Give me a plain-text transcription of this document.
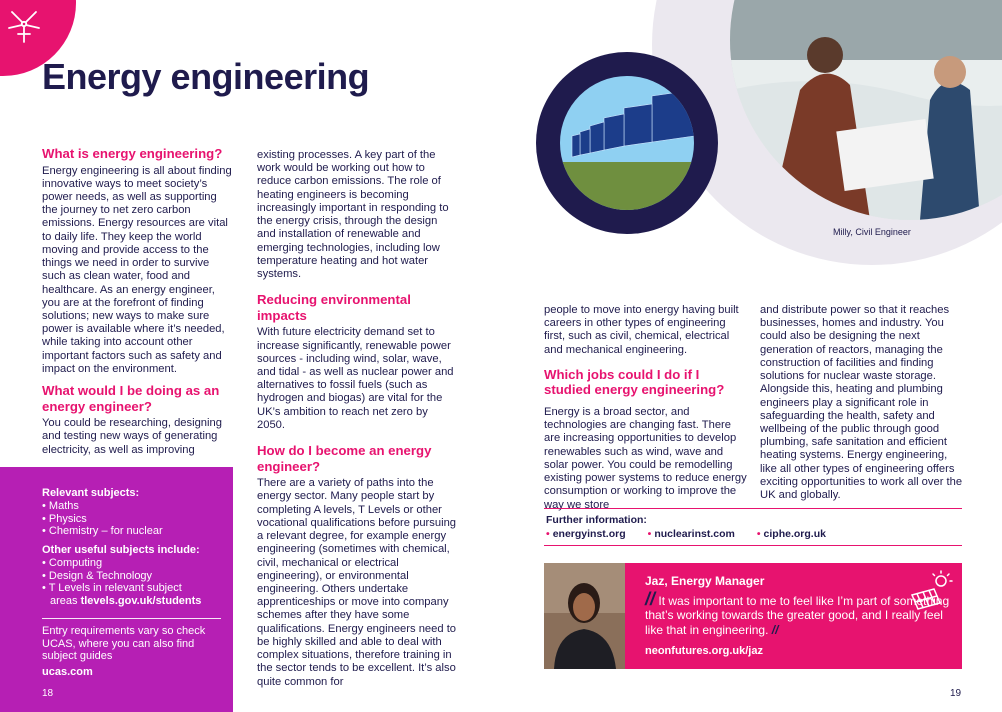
Energy engineering
What is energy engineering?

Energy engineering is all about finding innovative ways to meet society’s power needs, as well as supporting the journey to net zero carbon emissions. Energy resources are vital to daily life. They keep the world moving and provide access to the things we need in order to survive such as clean water, food and healthcare. As an energy engineer, you are at the forefront of finding solutions; new ways to make sure power is available where it’s needed, while taking into account other important factors such as safety and impact on the environment.

What would I be doing as an energy engineer?

You could be researching, designing and testing new ways of generating electricity, as well as improving

existing processes. A key part of the work would be working out how to reduce carbon emissions. The role of heating engineers is becoming increasingly important in responding to the energy crisis, through the design and installation of renewable and emerging technologies, including low temperature heating and hot water systems.

Reducing environmental impacts

With future electricity demand set to increase significantly, renewable power sources - including wind, solar, wave, and tidal - as well as nuclear power and alternatives to fossil fuels (such as hydrogen and biogas) are vital for the UK’s ambition to reach net zero by 2050.

How do I become an energy engineer?

There are a variety of paths into the energy sector. Many people start by completing A levels, T Levels or other vocational qualifications before pursuing a relevant degree, for example energy engineering (sometimes with chemical, civil, mechanical or electrical engineering), or environmental engineering. Others undertake apprenticeships or move into company schemes after they have some qualifications. Energy engineers need to be highly skilled and able to deal with complex situations, therefore training in the sector tends to be excellent. It’s also quite common for

people to move into energy having built careers in other types of engineering first, such as civil, chemical, electrical and mechanical engineering.

Which jobs could I do if I studied energy engineering?

Energy is a broad sector, and technologies are changing fast. There are increasing opportunities to develop renewables such as wind, wave and solar power. You could be remodelling existing power systems to reduce energy consumption or working to improve the way we store

and distribute power so that it reaches businesses, homes and industry. You could also be designing the next generation of reactors, managing the construction of facilities and finding solutions for nuclear waste storage. Alongside this, heating and plumbing engineers play a significant role in safeguarding the health, safety and wellbeing of the public through good plumbing, safe sanitation and efficient heating systems. Energy engineering, like all other types of engineering offers exciting opportunities to work all over the UK and globally.

Relevant subjects:
• Maths
• Physics
• Chemistry – for nuclear
Other useful subjects include:
• Computing
• Design & Technology
• T Levels in relevant subject
areas tlevels.gov.uk/students
Entry requirements vary so check UCAS, where you can also find subject guides
ucas.com
18	19
Milly, Civil Engineer
Further information:
• energyinst.org • nuclearinst.com • ciphe.org.uk
Jaz, Energy Manager
// It was important to me to feel like I’m part of something that’s working towards the greater good, and I really feel like that in engineering. //
neonfutures.org.uk/jaz
